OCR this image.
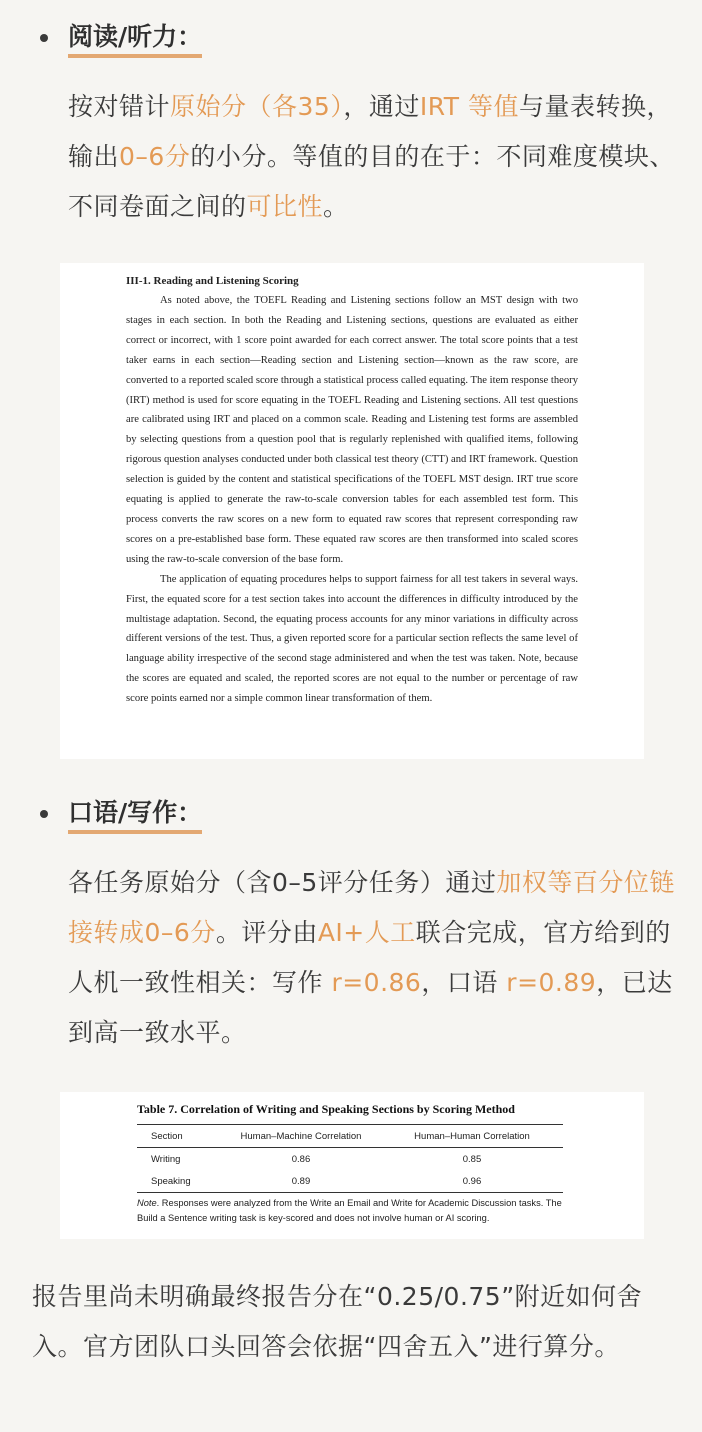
阅读/听力：
按对错计原始分（各35），通过IRT 等值与量表转换，输出0–6分的小分。等值的目的在于：不同难度模块、不同卷面之间的可比性。
III-1. Reading and Listening Scoring

As noted above, the TOEFL Reading and Listening sections follow an MST design with two stages in each section. In both the Reading and Listening sections, questions are evaluated as either correct or incorrect, with 1 score point awarded for each correct answer. The total score points that a test taker earns in each section—Reading section and Listening section—known as the raw score, are converted to a reported scaled score through a statistical process called equating. The item response theory (IRT) method is used for score equating in the TOEFL Reading and Listening sections. All test questions are calibrated using IRT and placed on a common scale. Reading and Listening test forms are assembled by selecting questions from a question pool that is regularly replenished with qualified items, following rigorous question analyses conducted under both classical test theory (CTT) and IRT framework. Question selection is guided by the content and statistical specifications of the TOEFL MST design. IRT true score equating is applied to generate the raw-to-scale conversion tables for each assembled test form. This process converts the raw scores on a new form to equated raw scores that represent corresponding raw scores on a pre-established base form. These equated raw scores are then transformed into scaled scores using the raw-to-scale conversion of the base form.

The application of equating procedures helps to support fairness for all test takers in several ways. First, the equated score for a test section takes into account the differences in difficulty introduced by the multistage adaptation. Second, the equating process accounts for any minor variations in difficulty across different versions of the test. Thus, a given reported score for a particular section reflects the same level of language ability irrespective of the second stage administered and when the test was taken. Note, because the scores are equated and scaled, the reported scores are not equal to the number or percentage of raw score points earned nor a simple common linear transformation of them.

口语/写作：
各任务原始分（含0–5评分任务）通过加权等百分位链接转成0–6分。评分由AI+人工联合完成，官方给到的人机一致性相关：写作 r=0.86，口语 r=0.89，已达到高一致水平。
Table 7. Correlation of Writing and Speaking Sections by Scoring Method
Section	Human–Machine Correlation	Human–Human Correlation
Writing	0.86	0.85
Speaking	0.89	0.96
Note. Responses were analyzed from the Write an Email and Write for Academic Discussion tasks. The Build a Sentence writing task is key-scored and does not involve human or AI scoring.
报告里尚未明确最终报告分在“0.25/0.75”附近如何舍入。官方团队口头回答会依据“四舍五入”进行算分。
